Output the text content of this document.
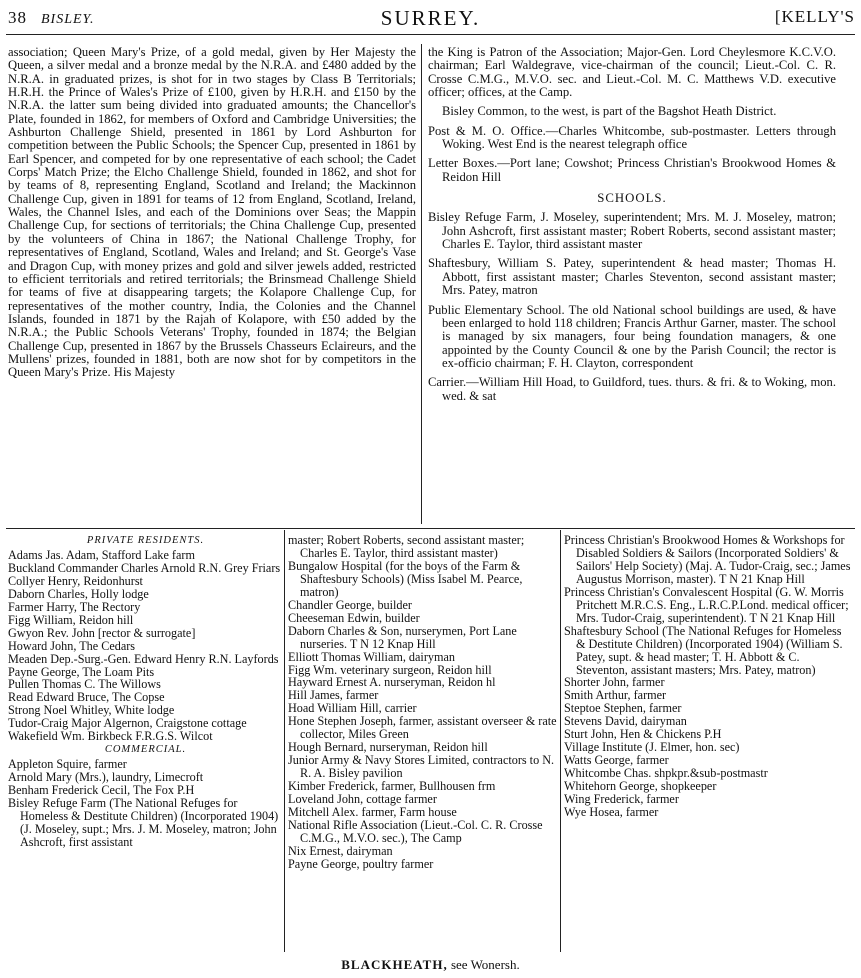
38 BISLEY.	SURREY.	[KELLY'S

association; Queen Mary's Prize, of a gold medal, given by Her Majesty the Queen, a silver medal and a bronze medal by the N.R.A. and £480 added by the N.R.A. in graduated prizes, is shot for in two stages by Class B Territorials; H.R.H. the Prince of Wales's Prize of £100, given by H.R.H. and £150 by the N.R.A. the latter sum being divided into graduated amounts; the Chancellor's Plate, founded in 1862, for members of Oxford and Cambridge Universities; the Ashburton Challenge Shield, presented in 1861 by Lord Ashburton for competition between the Public Schools; the Spencer Cup, presented in 1861 by Earl Spencer, and competed for by one representative of each school; the Cadet Corps' Match Prize; the Elcho Challenge Shield, founded in 1862, and shot for by teams of 8, representing England, Scotland and Ireland; the Mackinnon Challenge Cup, given in 1891 for teams of 12 from England, Scotland, Ireland, Wales, the Channel Isles, and each of the Dominions over Seas; the Mappin Challenge Cup, for sections of territorials; the China Challenge Cup, presented by the volunteers of China in 1867; the National Challenge Trophy, for representatives of England, Scotland, Wales and Ireland; and St. George's Vase and Dragon Cup, with money prizes and gold and silver jewels added, restricted to efficient territorials and retired territorials; the Brinsmead Challenge Shield for teams of five at disappearing targets; the Kolapore Challenge Cup, for representatives of the mother country, India, the Colonies and the Channel Islands, founded in 1871 by the Rajah of Kolapore, with £50 added by the N.R.A.; the Public Schools Veterans' Trophy, founded in 1874; the Belgian Challenge Cup, presented in 1867 by the Brussels Chasseurs Eclaireurs, and the Mullens' prizes, founded in 1881, both are now shot for by competitors in the Queen Mary's Prize. His Majesty

the King is Patron of the Association; Major-Gen. Lord Cheylesmore K.C.V.O. chairman; Earl Waldegrave, vice-chairman of the council; Lieut.-Col. C. R. Crosse C.M.G., M.V.O. sec. and Lieut.-Col. M. C. Matthews V.D. executive officer; offices, at the Camp.

Bisley Common, to the west, is part of the Bagshot Heath District.

Post & M. O. Office.—Charles Whitcombe, sub-postmaster. Letters through Woking. West End is the nearest telegraph office

Letter Boxes.—Port lane; Cowshot; Princess Christian's Brookwood Homes & Reidon Hill

SCHOOLS.

Bisley Refuge Farm, J. Moseley, superintendent; Mrs. M. J. Moseley, matron; John Ashcroft, first assistant master; Robert Roberts, second assistant master; Charles E. Taylor, third assistant master

Shaftesbury, William S. Patey, superintendent & head master; Thomas H. Abbott, first assistant master; Charles Steventon, second assistant master; Mrs. Patey, matron

Public Elementary School. The old National school buildings are used, & have been enlarged to hold 118 children; Francis Arthur Garner, master. The school is managed by six managers, four being foundation managers, & one appointed by the County Council & one by the Parish Council; the rector is ex-officio chairman; F. H. Clayton, correspondent

Carrier.—William Hill Hoad, to Guildford, tues. thurs. & fri. & to Woking, mon. wed. & sat

PRIVATE RESIDENTS.
Adams Jas. Adam, Stafford Lake farm
Buckland Commander Charles Arnold R.N. Grey Friars
Collyer Henry, Reidonhurst
Daborn Charles, Holly lodge
Farmer Harry, The Rectory
Figg William, Reidon hill
Gwyon Rev. John [rector & surrogate]
Howard John, The Cedars
Meaden Dep.-Surg.-Gen. Edward Henry R.N. Layfords
Payne George, The Loam Pits
Pullen Thomas C. The Willows
Read Edward Bruce, The Copse
Strong Noel Whitley, White lodge
Tudor-Craig Major Algernon, Craigstone cottage
Wakefield Wm. Birkbeck F.R.G.S. Wilcot
COMMERCIAL.
Appleton Squire, farmer
Arnold Mary (Mrs.), laundry, Limecroft
Benham Frederick Cecil, The Fox P.H
Bisley Refuge Farm (The National Refuges for Homeless & Destitute Children) (Incorporated 1904) (J. Moseley, supt.; Mrs. J. M. Moseley, matron; John Ashcroft, first assistant
master; Robert Roberts, second assistant master; Charles E. Taylor, third assistant master)
Bungalow Hospital (for the boys of the Farm & Shaftesbury Schools) (Miss Isabel M. Pearce, matron)
Chandler George, builder
Cheeseman Edwin, builder
Daborn Charles & Son, nurserymen, Port Lane nurseries. T N 12 Knap Hill
Elliott Thomas William, dairyman
Figg Wm. veterinary surgeon, Reidon hill
Hayward Ernest A. nurseryman, Reidon hl
Hill James, farmer
Hoad William Hill, carrier
Hone Stephen Joseph, farmer, assistant overseer & rate collector, Miles Green
Hough Bernard, nurseryman, Reidon hill
Junior Army & Navy Stores Limited, contractors to N. R. A. Bisley pavilion
Kimber Frederick, farmer, Bullhousen frm
Loveland John, cottage farmer
Mitchell Alex. farmer, Farm house
National Rifle Association (Lieut.-Col. C. R. Crosse C.M.G., M.V.O. sec.), The Camp
Nix Ernest, dairyman
Payne George, poultry farmer
Princess Christian's Brookwood Homes & Workshops for Disabled Soldiers & Sailors (Incorporated Soldiers' & Sailors' Help Society) (Maj. A. Tudor-Craig, sec.; James Augustus Morrison, master). T N 21 Knap Hill
Princess Christian's Convalescent Hospital (G. W. Morris Pritchett M.R.C.S. Eng., L.R.C.P.Lond. medical officer; Mrs. Tudor-Craig, superintendent). T N 21 Knap Hill
Shaftesbury School (The National Refuges for Homeless & Destitute Children) (Incorporated 1904) (William S. Patey, supt. & head master; T. H. Abbott & C. Steventon, assistant masters; Mrs. Patey, matron)
Shorter John, farmer
Smith Arthur, farmer
Steptoe Stephen, farmer
Stevens David, dairyman
Sturt John, Hen & Chickens P.H
Village Institute (J. Elmer, hon. sec)
Watts George, farmer
Whitcombe Chas. shpkpr.&sub-postmastr
Whitehorn George, shopkeeper
Wing Frederick, farmer
Wye Hosea, farmer
BLACKHEATH, see Wonersh.
